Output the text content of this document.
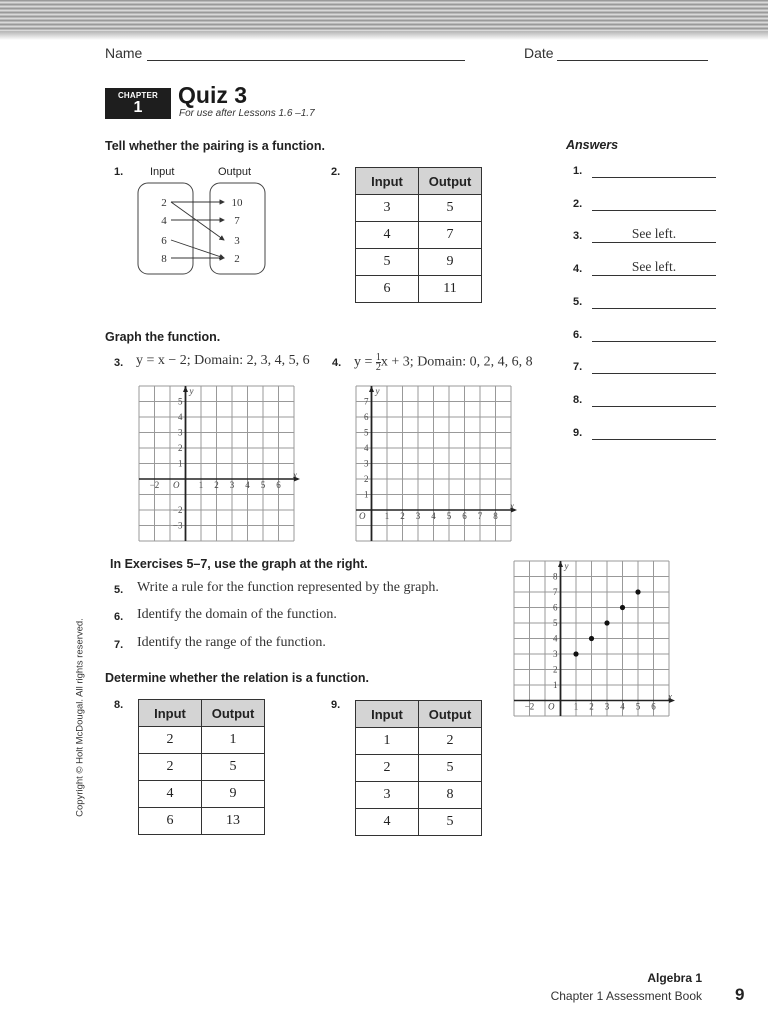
Name	Date
CHAPTER
1	Quiz 3
For use after Lessons 1.6 –1.7
Tell whether the pairing is a function.
1. Input	Output
2
4
6
8
10
7
3
2
2.
Input	Output
3	5
4	7
5	9
6	11
Graph the function.
3. y = x − 2; Domain: 2, 3, 4, 5, 6 4. $y = \frac{1}{2}$ x + 3; Domain: 0, 2, 4, 6, 8
−2	1 2 3 4 5 6
5
4
3
2
1
−2
−3
O
x
y
1 2 3 4 5 6 7 8
7
6
5
4
3
2
1
O
x
y
In Exercises 5–7, use the graph at the right.
5. Write a rule for the function represented by the graph.
6. Identify the domain of the function.
7. Identify the range of the function.
−2	1 2 3 4 5 6
8
7
6
5
4
3
2
1
O
x
y
Determine whether the relation is a function.
8.
Input	Output
2	1
2	5
4	9
6	13
9.
Input	Output
1	2
2	5
3	8
4	5
Answers
1.
2.
3.	See left.
4.	See left.
5.
6.
7.
8.
9.
Copyright © Holt McDougal. All rights reserved.
Algebra 1
Chapter 1 Assessment Book 9
